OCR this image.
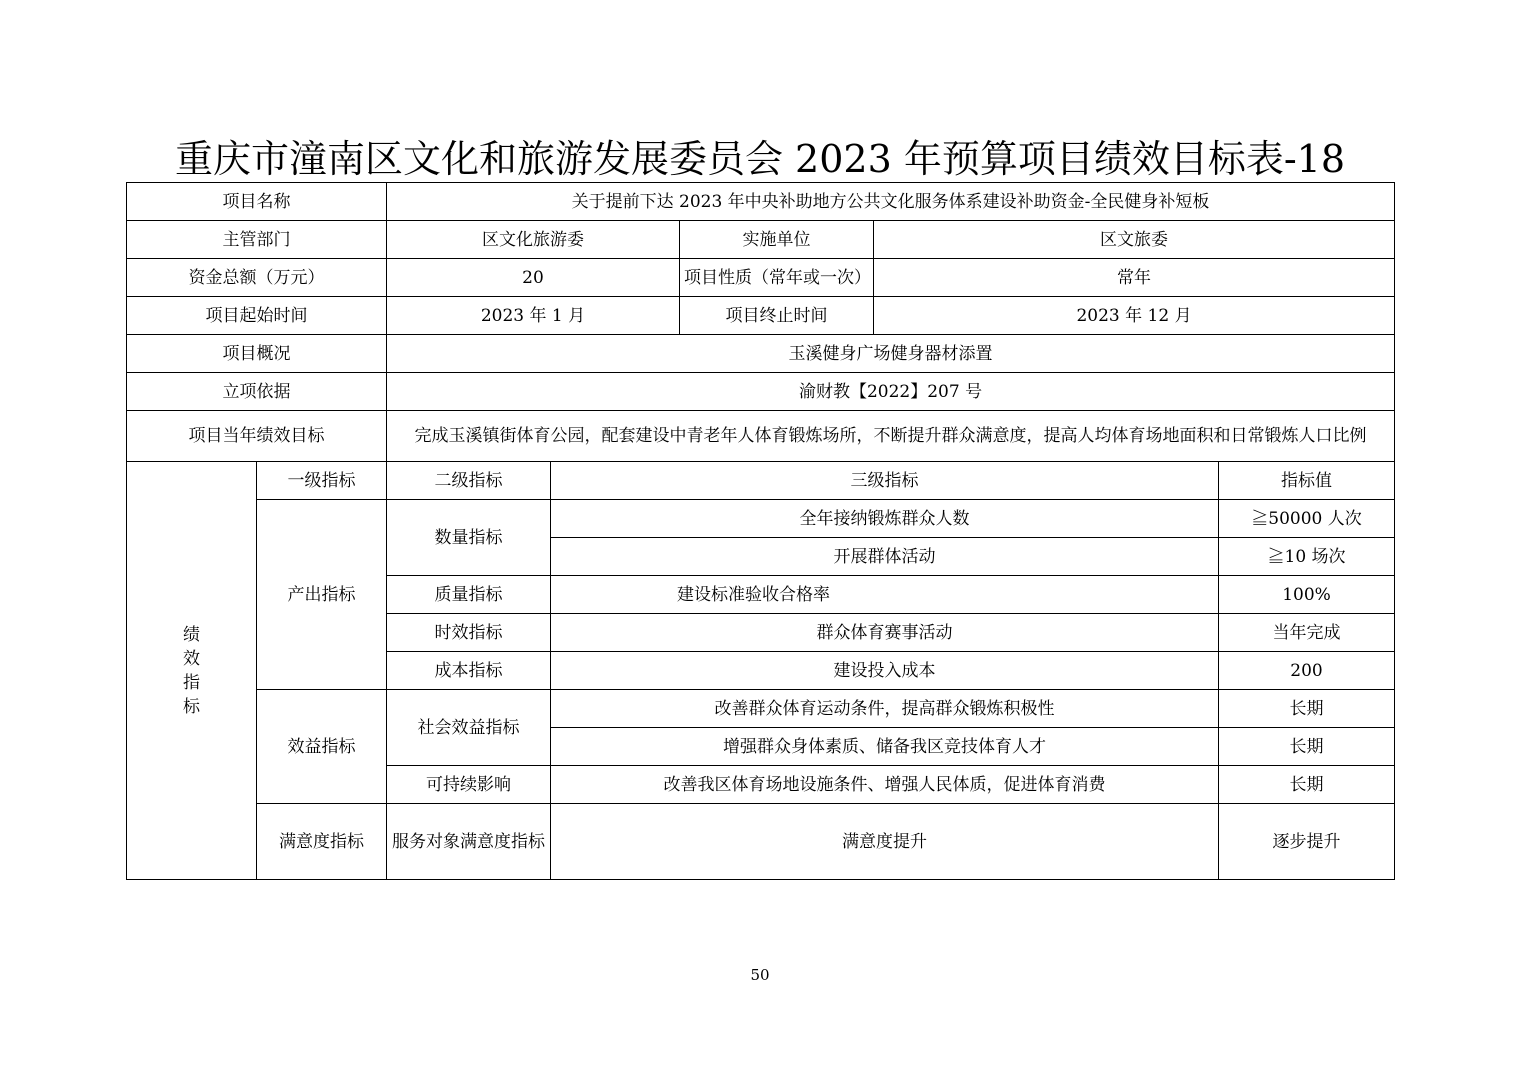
重庆市潼南区文化和旅游发展委员会 2023 年预算项目绩效目标表-18
项目名称		关于提前下达 2023 年中央补助地方公共文化服务体系建设补助资金-全民健身补短板				
主管部门		区文化旅游委		实施单位	区文旅委	
资金总额（万元）		20		项目性质（常年或一次）	常年	
项目起始时间		2023 年 1 月		项目终止时间	2023 年 12 月	
项目概况		玉溪健身广场健身器材添置				
立项依据		渝财教【2022】207 号				
项目当年绩效目标		完成玉溪镇街体育公园，配套建设中青老年人体育锻炼场所，不断提升群众满意度，提高人均体育场地面积和日常锻炼人口比例				
绩效指标	一级指标	二级指标	三级指标			指标值
	产出指标	数量指标	全年接纳锻炼群众人数			≧50000 人次
			开展群体活动			≧10 场次
		质量指标	建设标准验收合格率			100%
		时效指标	群众体育赛事活动			当年完成
		成本指标	建设投入成本			200
	效益指标	社会效益指标	改善群众体育运动条件，提高群众锻炼积极性			长期
			增强群众身体素质、储备我区竞技体育人才			长期
		可持续影响	改善我区体育场地设施条件、增强人民体质，促进体育消费			长期
	满意度指标	服务对象满意度指标	满意度提升			逐步提升
50
